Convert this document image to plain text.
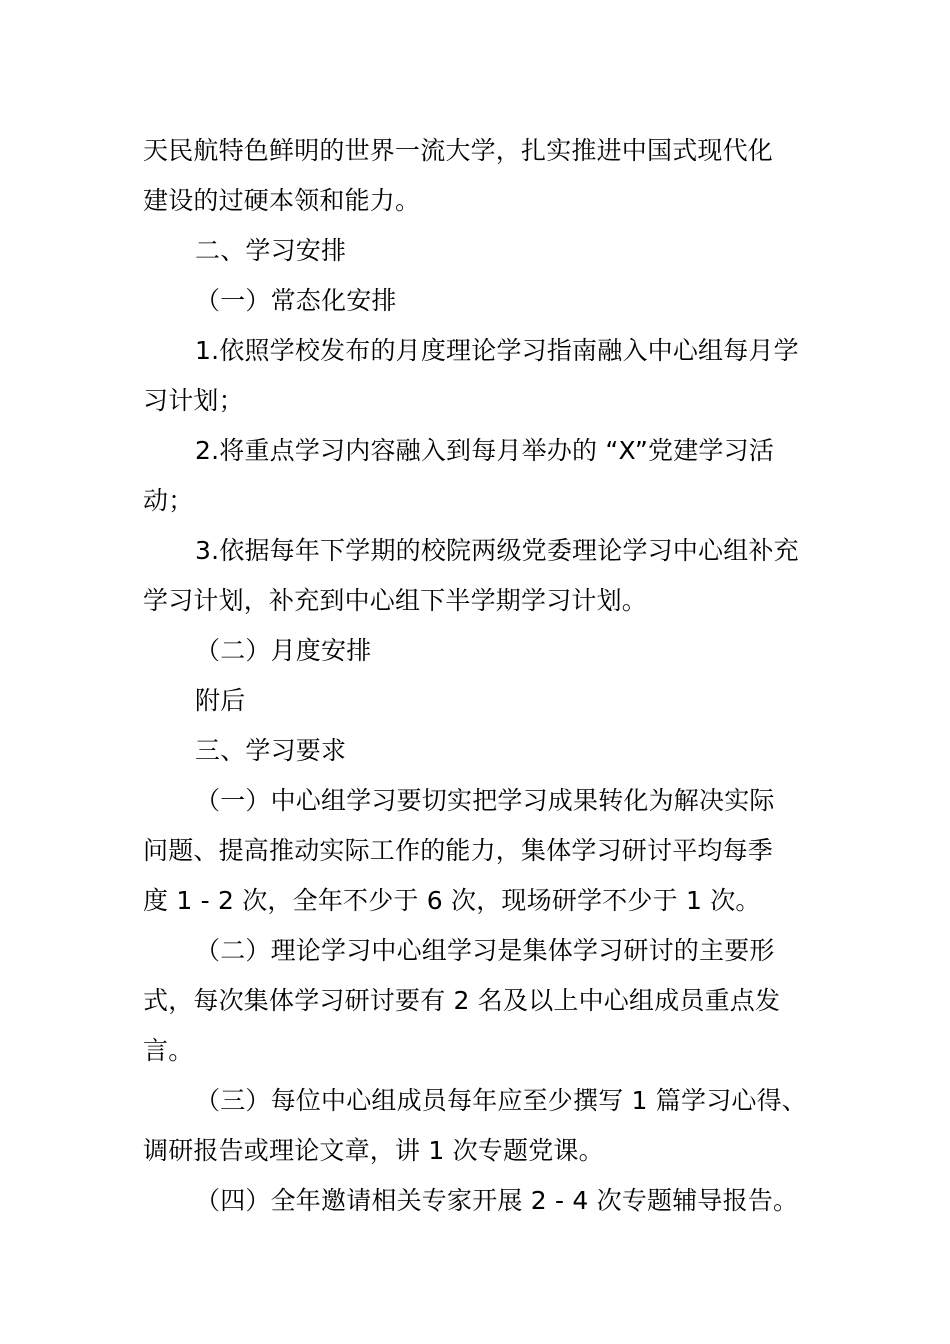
天民航特色鲜明的世界一流大学，扎实推进中国式现代化
建设的过硬本领和能力。
二、学习安排
（一）常态化安排
1.依照学校发布的月度理论学习指南融入中心组每月学
习计划；
2.将重点学习内容融入到每月举办的 “X”党建学习活
动；
3.依据每年下学期的校院两级党委理论学习中心组补充
学习计划，补充到中心组下半学期学习计划。
（二）月度安排
附后
三、学习要求
（一）中心组学习要切实把学习成果转化为解决实际
问题、提高推动实际工作的能力，集体学习研讨平均每季
度 1 - 2 次，全年不少于 6 次，现场研学不少于 1 次。
（二）理论学习中心组学习是集体学习研讨的主要形
式，每次集体学习研讨要有 2 名及以上中心组成员重点发
言。
（三）每位中心组成员每年应至少撰写 1 篇学习心得、
调研报告或理论文章，讲 1 次专题党课。
（四）全年邀请相关专家开展 2 - 4 次专题辅导报告。
